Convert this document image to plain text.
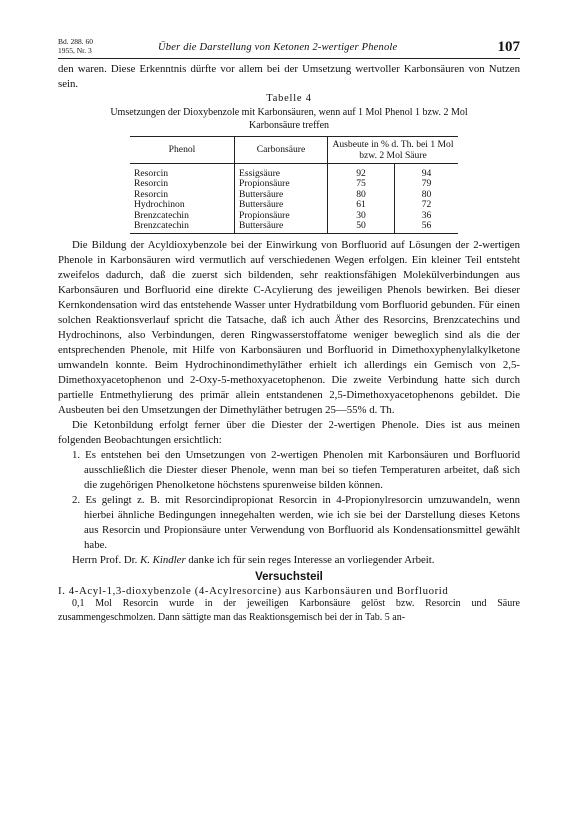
Bd. 288. 60
1955, Nr. 3	Über die Darstellung von Ketonen 2-wertiger Phenole	107

den waren. Diese Erkenntnis dürfte vor allem bei der Umsetzung wertvoller Karbonsäuren von Nutzen sein.

Tabelle 4
Umsetzungen der Dioxybenzole mit Karbonsäuren, wenn auf 1 Mol Phenol 1 bzw. 2 Mol
Karbonsäure treffen
Phenol	Carbonsäure	Ausbeute in % d. Th. bei 1 Mol bzw. 2 Mol Säure	
Resorcin	Essigsäure	92	94
Resorcin	Propionsäure	75	79
Resorcin	Buttersäure	80	80
Hydrochinon	Buttersäure	61	72
Brenzcatechin	Propionsäure	30	36
Brenzcatechin	Buttersäure	50	56

Die Bildung der Acyldioxybenzole bei der Einwirkung von Borfluorid auf Lösungen der 2-wertigen Phenole in Karbonsäuren wird vermutlich auf verschiedenen Wegen erfolgen. Ein kleiner Teil entsteht zweifelos dadurch, daß die zuerst sich bildenden, sehr reaktionsfähigen Molekülverbindungen aus Karbonsäuren und Borfluorid eine direkte C-Acylierung des jeweiligen Phenols bewirken. Bei dieser Kernkondensation wird das entstehende Wasser unter Hydratbildung vom Borfluorid gebunden. Für einen solchen Reaktionsverlauf spricht die Tatsache, daß ich auch Äther des Resorcins, Brenzcatechins und Hydrochinons, also Verbindungen, deren Ringwasserstoffatome weniger beweglich sind als die der entsprechenden Phenole, mit Hilfe von Karbonsäuren und Borfluorid in Dimethoxyphenylalkylketone umwandeln konnte. Beim Hydrochinondimethyläther erhielt ich allerdings ein Gemisch von 2,5-Dimethoxyacetophenon und 2-Oxy-5-methoxyacetophenon. Die zweite Verbindung hatte sich durch partielle Entmethylierung des primär allein entstandenen 2,5-Dimethoxyacetophenons gebildet. Die Ausbeuten bei den Umsetzungen der Dimethyläther betrugen 25—55% d. Th.

Die Ketonbildung erfolgt ferner über die Diester der 2-wertigen Phenole. Dies ist aus meinen folgenden Beobachtungen ersichtlich:

1. Es entstehen bei den Umsetzungen von 2-wertigen Phenolen mit Karbonsäuren und Borfluorid ausschließlich die Diester dieser Phenole, wenn man bei so tiefen Temperaturen arbeitet, daß sich die zugehörigen Phenolketone höchstens spurenweise bilden können.
2. Es gelingt z. B. mit Resorcindipropionat Resorcin in 4-Propionylresorcin umzuwandeln, wenn hierbei ähnliche Bedingungen innegehalten werden, wie ich sie bei der Darstellung dieses Ketons aus Resorcin und Propionsäure unter Verwendung von Borfluorid als Kondensationsmittel gewählt habe.

Herrn Prof. Dr. K. Kindler danke ich für sein reges Interesse an vorliegender Arbeit.

Versuchsteil

I. 4-Acyl-1,3-dioxybenzole (4-Acylresorcine) aus Karbonsäuren und Borfluorid

0,1 Mol Resorcin wurde in der jeweiligen Karbonsäure gelöst bzw. Resorcin und Säure zusammengeschmolzen. Dann sättigte man das Reaktionsgemisch bei der in Tab. 5 an-
